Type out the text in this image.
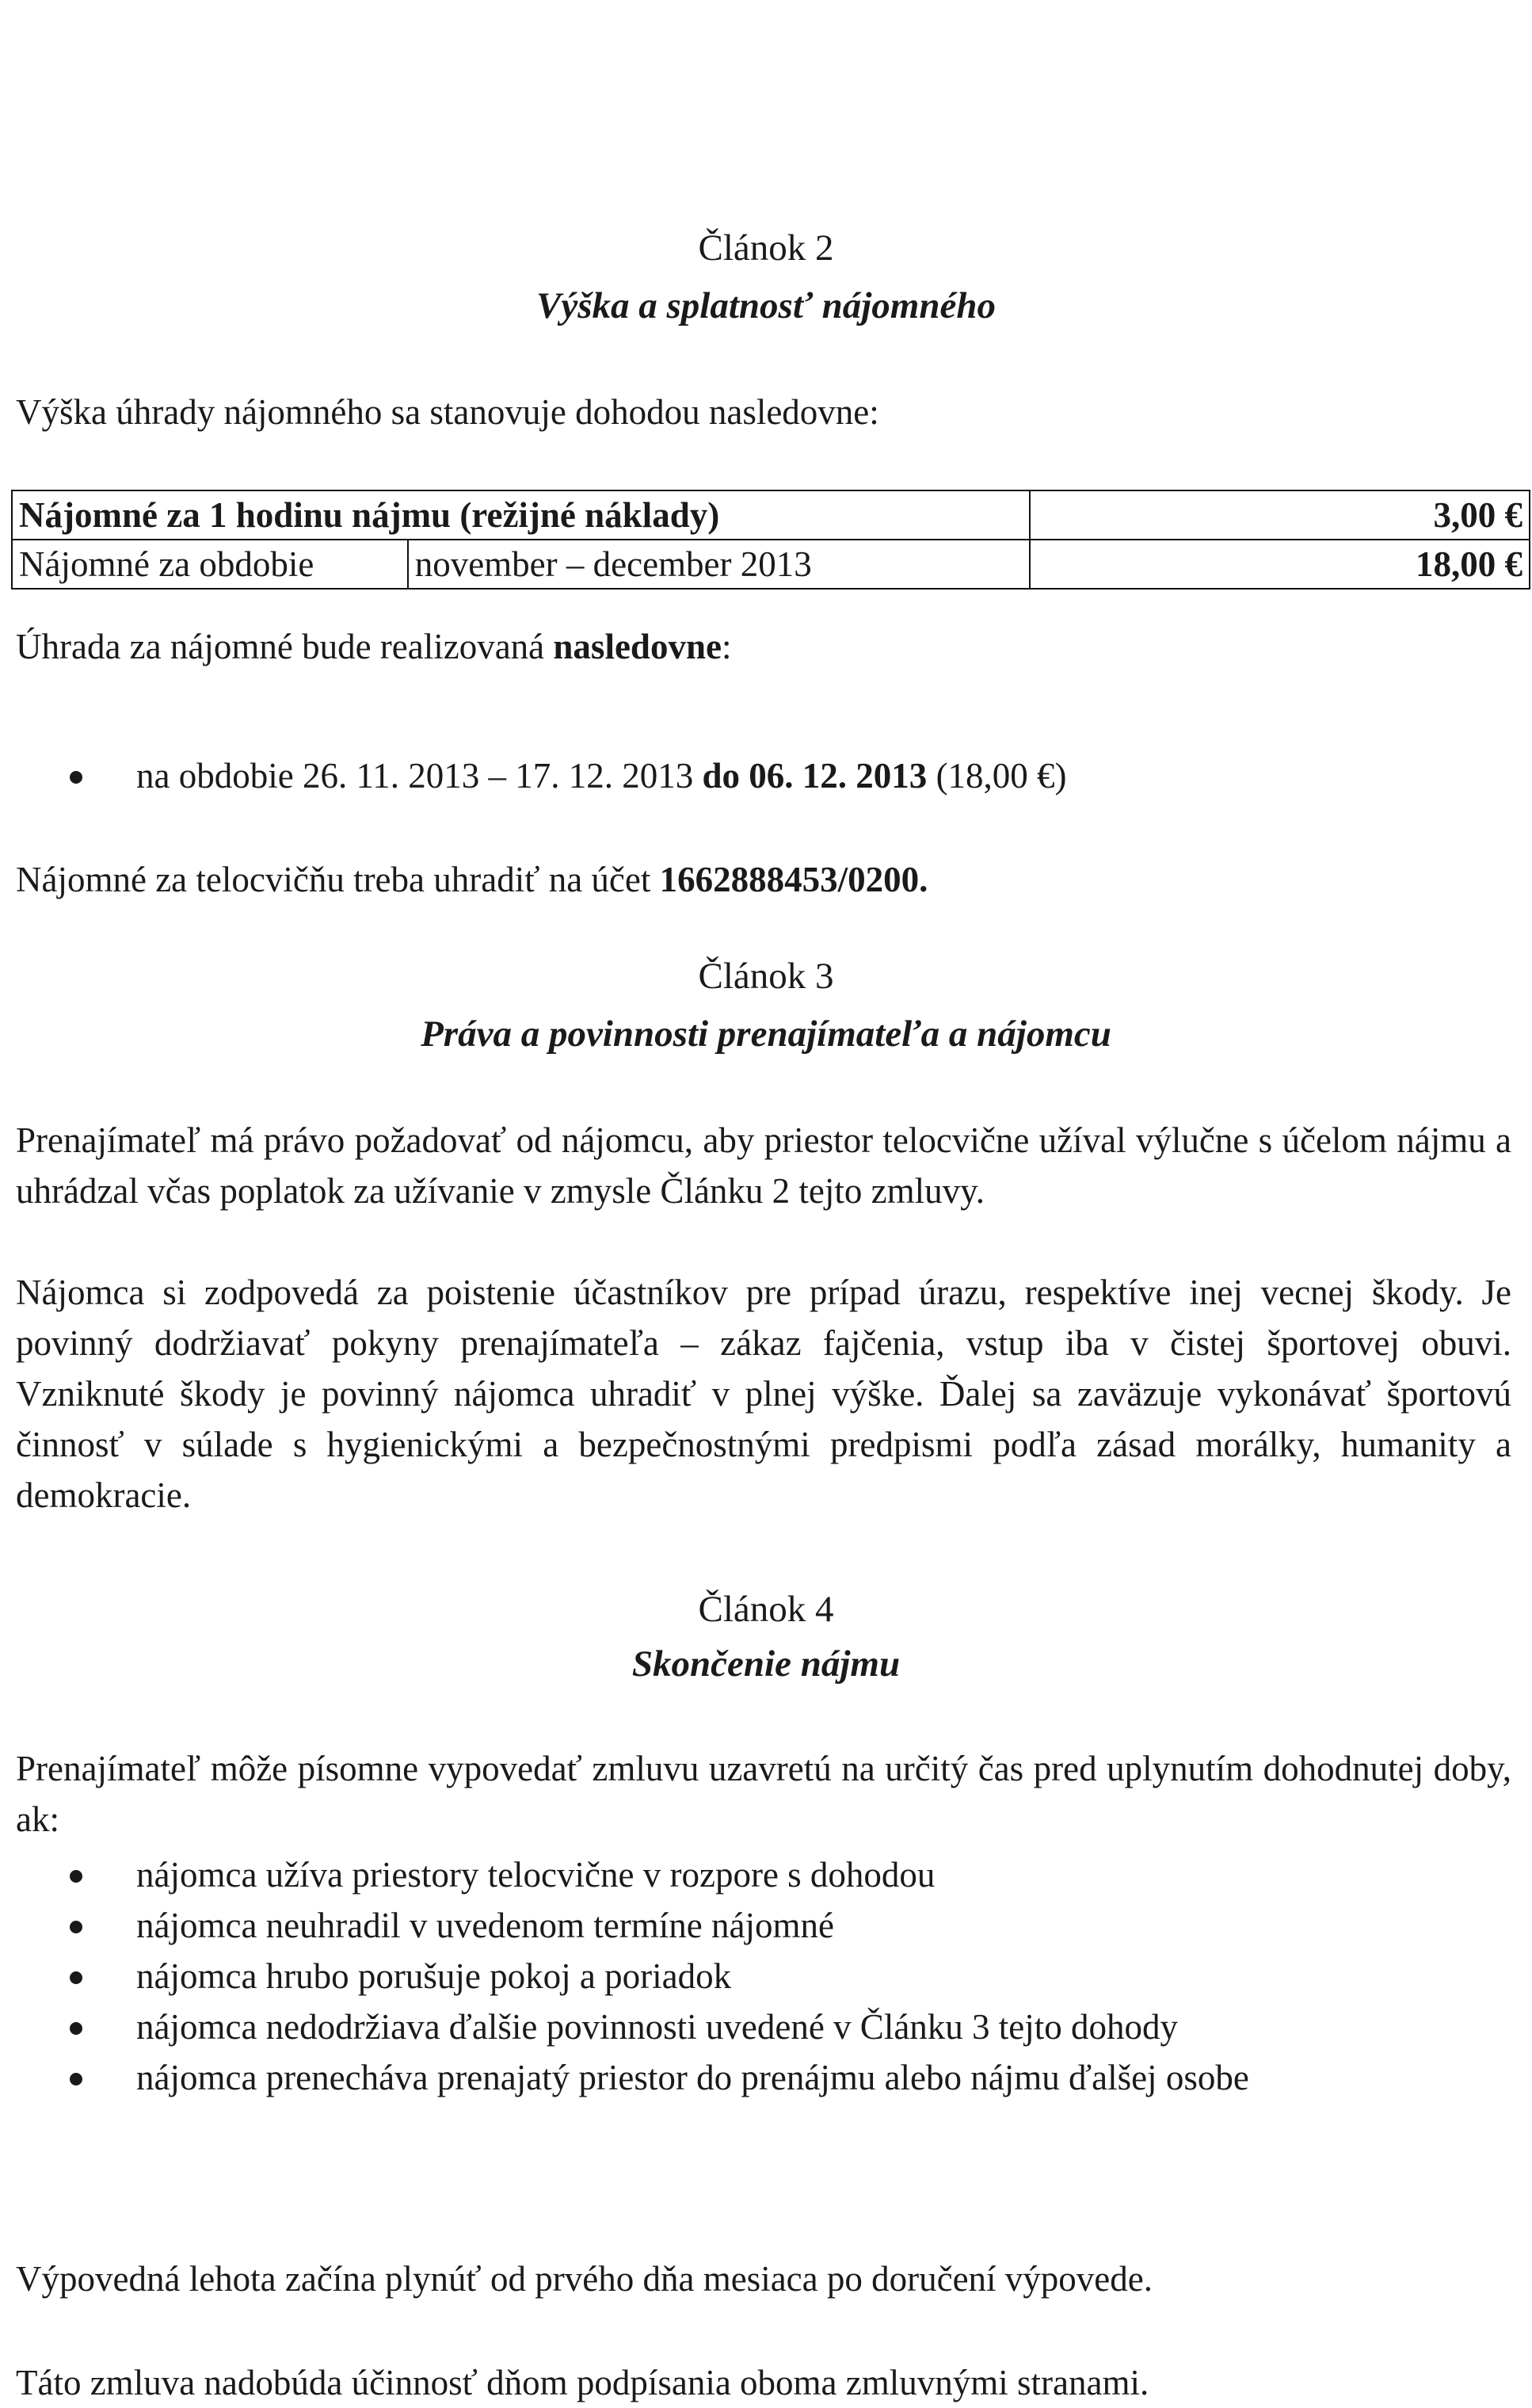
Článok 2
Výška a splatnosť nájomného
Výška úhrady nájomného sa stanovuje dohodou nasledovne:
Nájomné za 1 hodinu nájmu (režijné náklady)		3,00 €
Nájomné za obdobie	november – december 2013	18,00 €
Úhrada za nájomné bude realizovaná nasledovne:
na obdobie 26. 11. 2013 – 17. 12. 2013 do 06. 12. 2013 (18,00 €)
Nájomné za telocvičňu treba uhradiť na účet 1662888453/0200.
Článok 3
Práva a povinnosti prenajímateľa a nájomcu
Prenajímateľ má právo požadovať od nájomcu, aby priestor telocvične užíval výlučne s účelom nájmu a uhrádzal včas poplatok za užívanie v zmysle Článku 2 tejto zmluvy.
Nájomca si zodpovedá za poistenie účastníkov pre prípad úrazu, respektíve inej vecnej škody. Je povinný dodržiavať pokyny prenajímateľa – zákaz fajčenia, vstup iba v čistej športovej obuvi. Vzniknuté škody je povinný nájomca uhradiť v plnej výške. Ďalej sa zaväzuje vykonávať športovú činnosť v súlade s hygienickými a bezpečnostnými predpismi podľa zásad morálky, humanity a demokracie.
Článok 4
Skončenie nájmu
Prenajímateľ môže písomne vypovedať zmluvu uzavretú na určitý čas pred uplynutím dohodnutej doby, ak:
nájomca užíva priestory telocvične v rozpore s dohodou
nájomca neuhradil v uvedenom termíne nájomné
nájomca hrubo porušuje pokoj a poriadok
nájomca nedodržiava ďalšie povinnosti uvedené v Článku 3 tejto dohody
nájomca prenecháva prenajatý priestor do prenájmu alebo nájmu ďalšej osobe
Výpovedná lehota začína plynúť od prvého dňa mesiaca po doručení výpovede.
Táto zmluva nadobúda účinnosť dňom podpísania oboma zmluvnými stranami.
